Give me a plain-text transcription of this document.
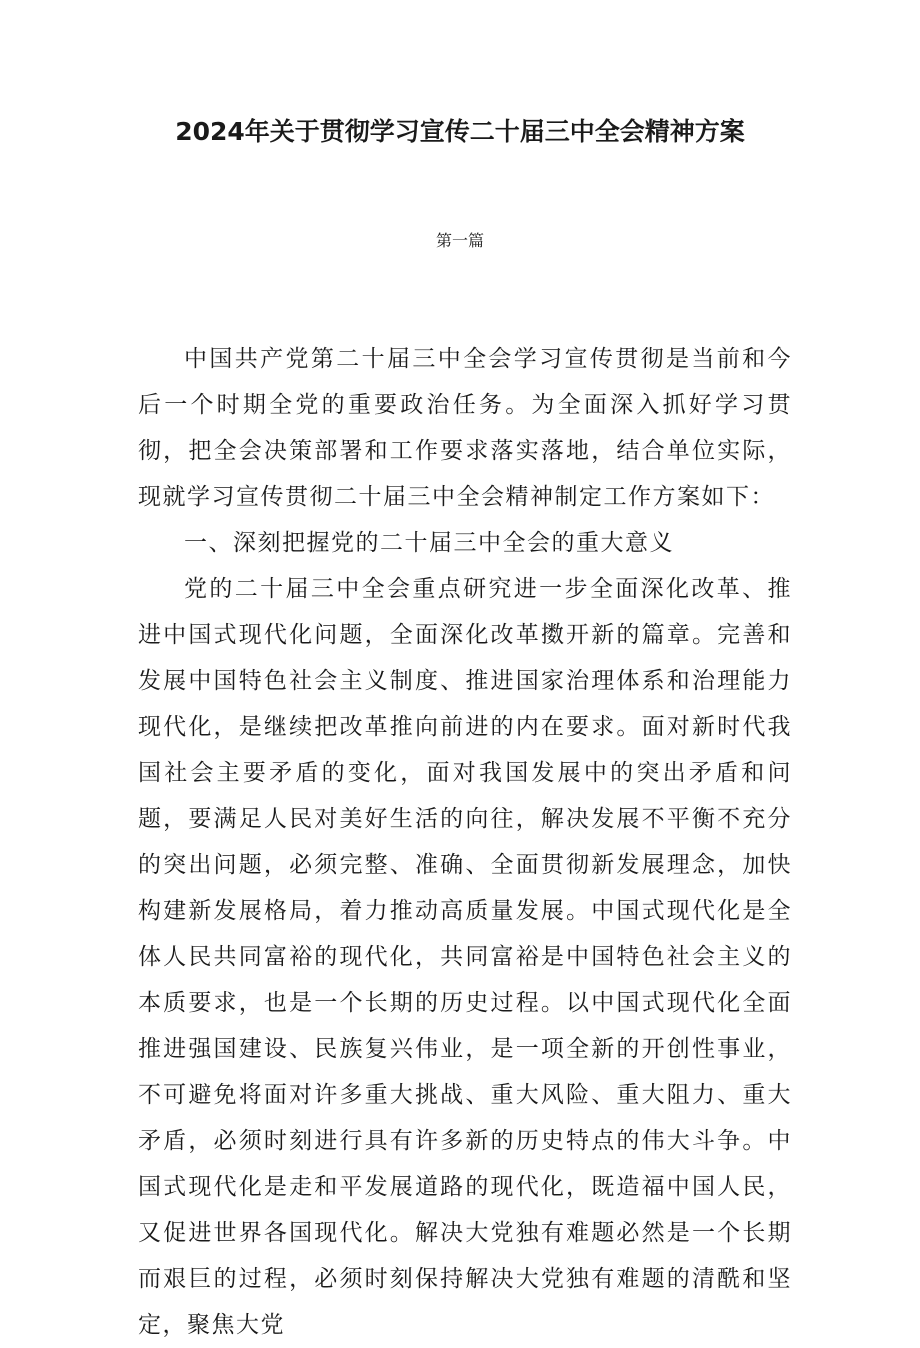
2024年关于贯彻学习宣传二十届三中全会精神方案
第一篇

中国共产党第二十届三中全会学习宣传贯彻是当前和今后一个时期全党的重要政治任务。为全面深入抓好学习贯彻，把全会决策部署和工作要求落实落地，结合单位实际，现就学习宣传贯彻二十届三中全会精神制定工作方案如下：

一、深刻把握党的二十届三中全会的重大意义

党的二十届三中全会重点研究进一步全面深化改革、推进中国式现代化问题，全面深化改革擞开新的篇章。完善和发展中国特色社会主义制度、推进国家治理体系和治理能力现代化，是继续把改革推向前进的内在要求。面对新时代我国社会主要矛盾的变化，面对我国发展中的突出矛盾和问题，要满足人民对美好生活的向往，解决发展不平衡不充分的突出问题，必须完整、准确、全面贯彻新发展理念，加快构建新发展格局，着力推动高质量发展。中国式现代化是全体人民共同富裕的现代化，共同富裕是中国特色社会主义的本质要求，也是一个长期的历史过程。以中国式现代化全面推进强国建设、民族复兴伟业，是一项全新的开创性事业，不可避免将面对许多重大挑战、重大风险、重大阻力、重大矛盾，必须时刻进行具有许多新的历史特点的伟大斗争。中国式现代化是走和平发展道路的现代化，既造福中国人民，又促进世界各国现代化。解决大党独有难题必然是一个长期而艰巨的过程，必须时刻保持解决大党独有难题的清酰和坚定，聚焦大党
